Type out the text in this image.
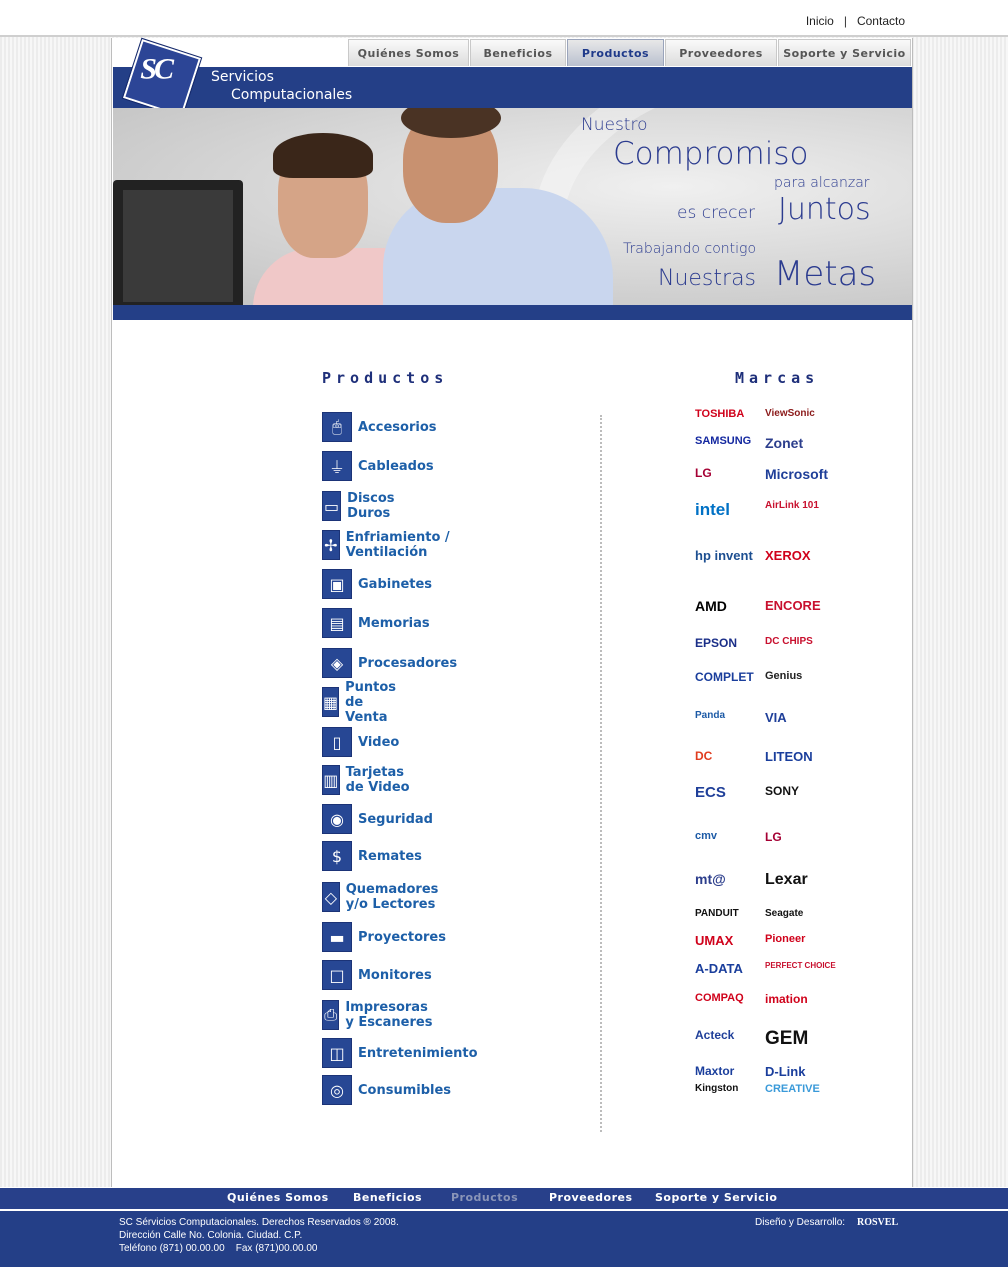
Inicio | Contacto
Quiénes Somos	Beneficios	Productos	Proveedores	Soporte y Servicio
Servicios
Computacionales
SC
Nuestro
Compromiso
para alcanzar
es crecer Juntos
Trabajando contigo
Nuestras Metas
Productos	Marcas
🖱	Accesorios
⏚	Cableados
▭ Discos Duros
✢ Enfriamiento / Ventilación
▣	Gabinetes
▤	Memorias
◈	Procesadores
▦
Puntos de Venta
▯	Video
▥ Tarjetas de Video
◉	Seguridad
$	Remates
◇ Quemadores y/o Lectores
▬	Proyectores
□	Monitores
⎙ Impresoras y Escaneres
◫	Entretenimiento
◎	Consumibles
TOSHIBA ViewSonic
SAMSUNG Zonet
LG	Microsoft
intel	AirLink 101
hp invent XEROX
AMD	ENCORE
EPSON	DC CHIPS
COMPLET Genius
Panda	VIA
DC	LITEON
ECS	SONY
cmv	LG
mt@ Lexar
PANDUIT	Seagate
UMAX	Pioneer
A-DATA	PERFECT CHOICE
COMPAQ imation
Acteck GEM
Maxtor D-Link
Kingston CREATIVE
Quiénes Somos Beneficios	Productos	Proveedores Soporte y Servicio
SC Sérvicios Computacionales. Derechos Reservados ® 2008.
Dirección Calle No. Colonia. Ciudad. C.P.
Teléfono (871) 00.00.00    Fax (871)00.00.00
Diseño y Desarrollo: ROSVEL
